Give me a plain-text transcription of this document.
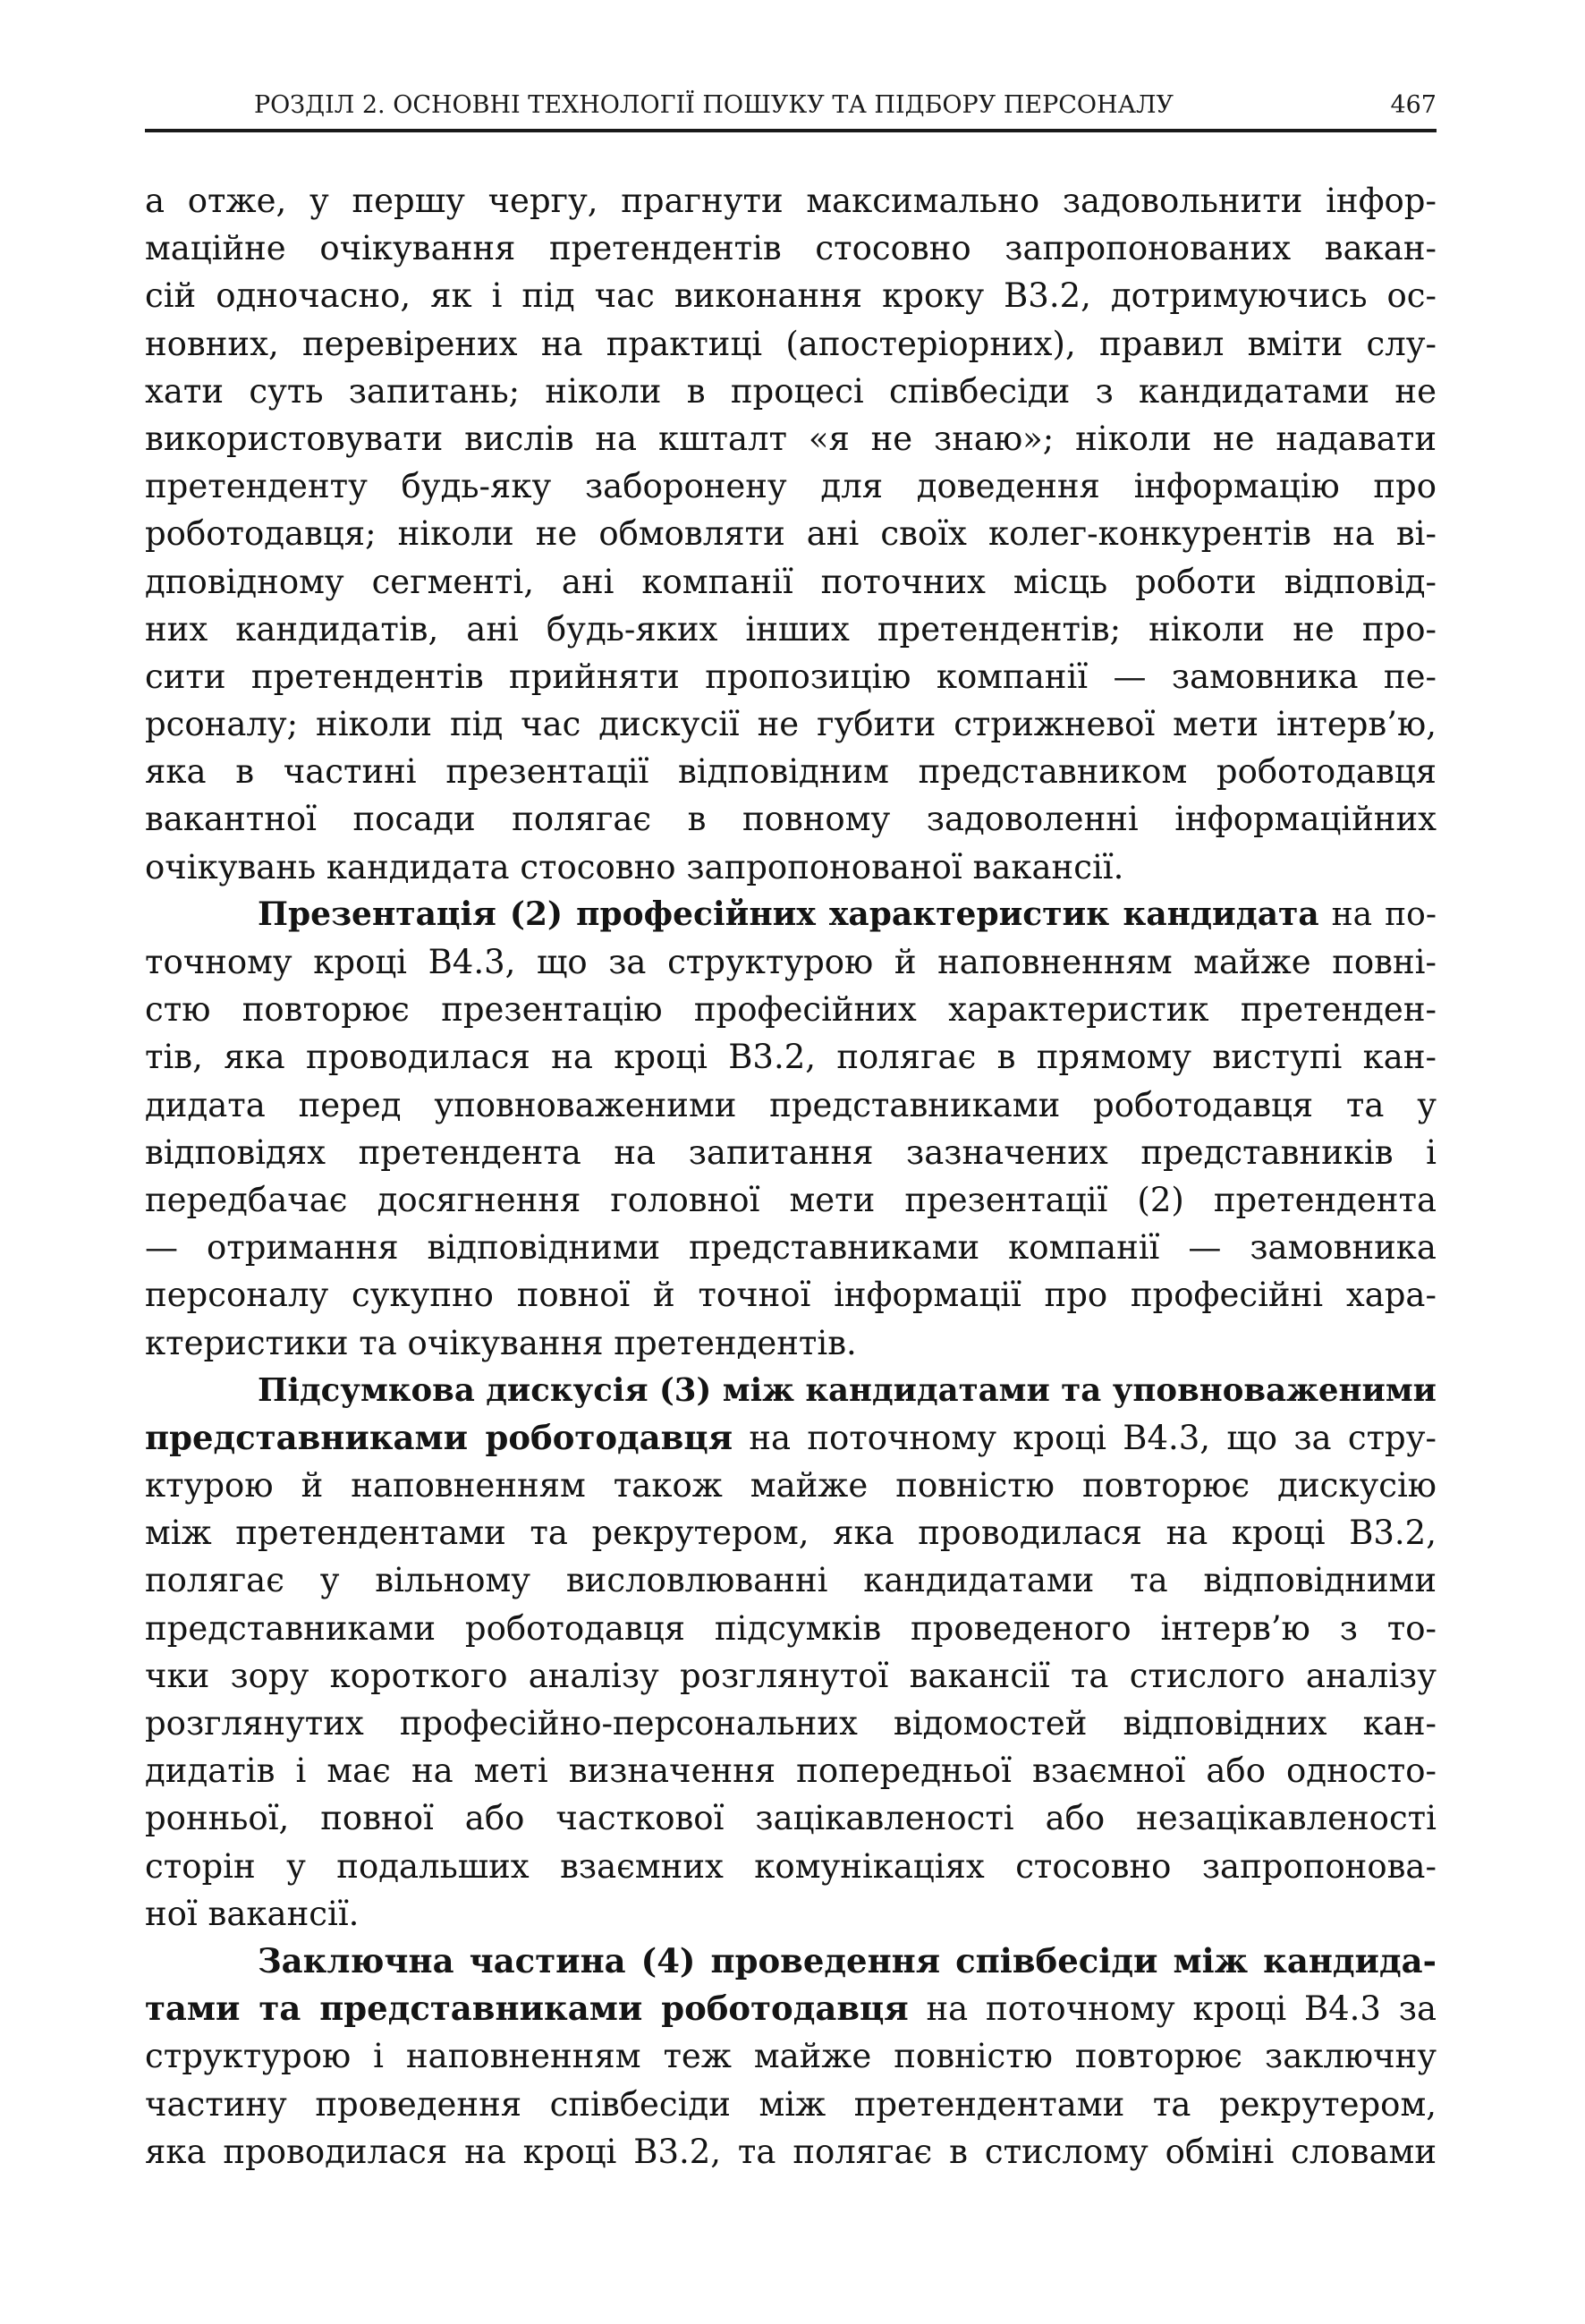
РОЗДІЛ 2. ОСНОВНІ ТЕХНОЛОГІЇ ПОШУКУ ТА ПІДБОРУ ПЕРСОНАЛУ	467
а отже, у першу чергу, прагнути максимально задовольнити інфор-
маційне очікування претендентів стосовно запропонованих вакан-
сій одночасно, як і під час виконання кроку В3.2, дотримуючись ос-
новних, перевірених на практиці (апостеріорних), правил вміти слу-
хати суть запитань; ніколи в процесі співбесіди з кандидатами не
використовувати вислів на кшталт «я не знаю»; ніколи не надавати
претенденту будь-яку заборонену для доведення інформацію про
роботодавця; ніколи не обмовляти ані своїх колег-конкурентів на ві-
дповідному сегменті, ані компанії поточних місць роботи відповід-
них кандидатів, ані будь-яких інших претендентів; ніколи не про-
сити претендентів прийняти пропозицію компанії — замовника пе-
рсоналу; ніколи під час дискусії не губити стрижневої мети інтерв’ю,
яка в частині презентації відповідним представником роботодавця
вакантної посади полягає в повному задоволенні інформаційних
очікувань кандидата стосовно запропонованої вакансії.
Презентація (2) професійних характеристик кандидата на по-
точному кроці В4.3, що за структурою й наповненням майже повні-
стю повторює презентацію професійних характеристик претенден-
тів, яка проводилася на кроці В3.2, полягає в прямому виступі кан-
дидата перед уповноваженими представниками роботодавця та у
відповідях претендента на запитання зазначених представників і
передбачає досягнення головної мети презентації (2) претендента
— отримання відповідними представниками компанії — замовника
персоналу сукупно повної й точної інформації про професійні хара-
ктеристики та очікування претендентів.
Підсумкова дискусія (3) між кандидатами та уповноваженими
представниками роботодавця на поточному кроці В4.3, що за стру-
ктурою й наповненням також майже повністю повторює дискусію
між претендентами та рекрутером, яка проводилася на кроці В3.2,
полягає у вільному висловлюванні кандидатами та відповідними
представниками роботодавця підсумків проведеного інтерв’ю з то-
чки зору короткого аналізу розглянутої вакансії та стислого аналізу
розглянутих професійно-персональних відомостей відповідних кан-
дидатів і має на меті визначення попередньої взаємної або односто-
ронньої, повної або часткової зацікавленості або незацікавленості
сторін у подальших взаємних комунікаціях стосовно запропонова-
ної вакансії.
Заключна частина (4) проведення співбесіди між кандида-
тами та представниками роботодавця на поточному кроці В4.3 за
структурою і наповненням теж майже повністю повторює заключну
частину проведення співбесіди між претендентами та рекрутером,
яка проводилася на кроці В3.2, та полягає в стислому обміні словами
